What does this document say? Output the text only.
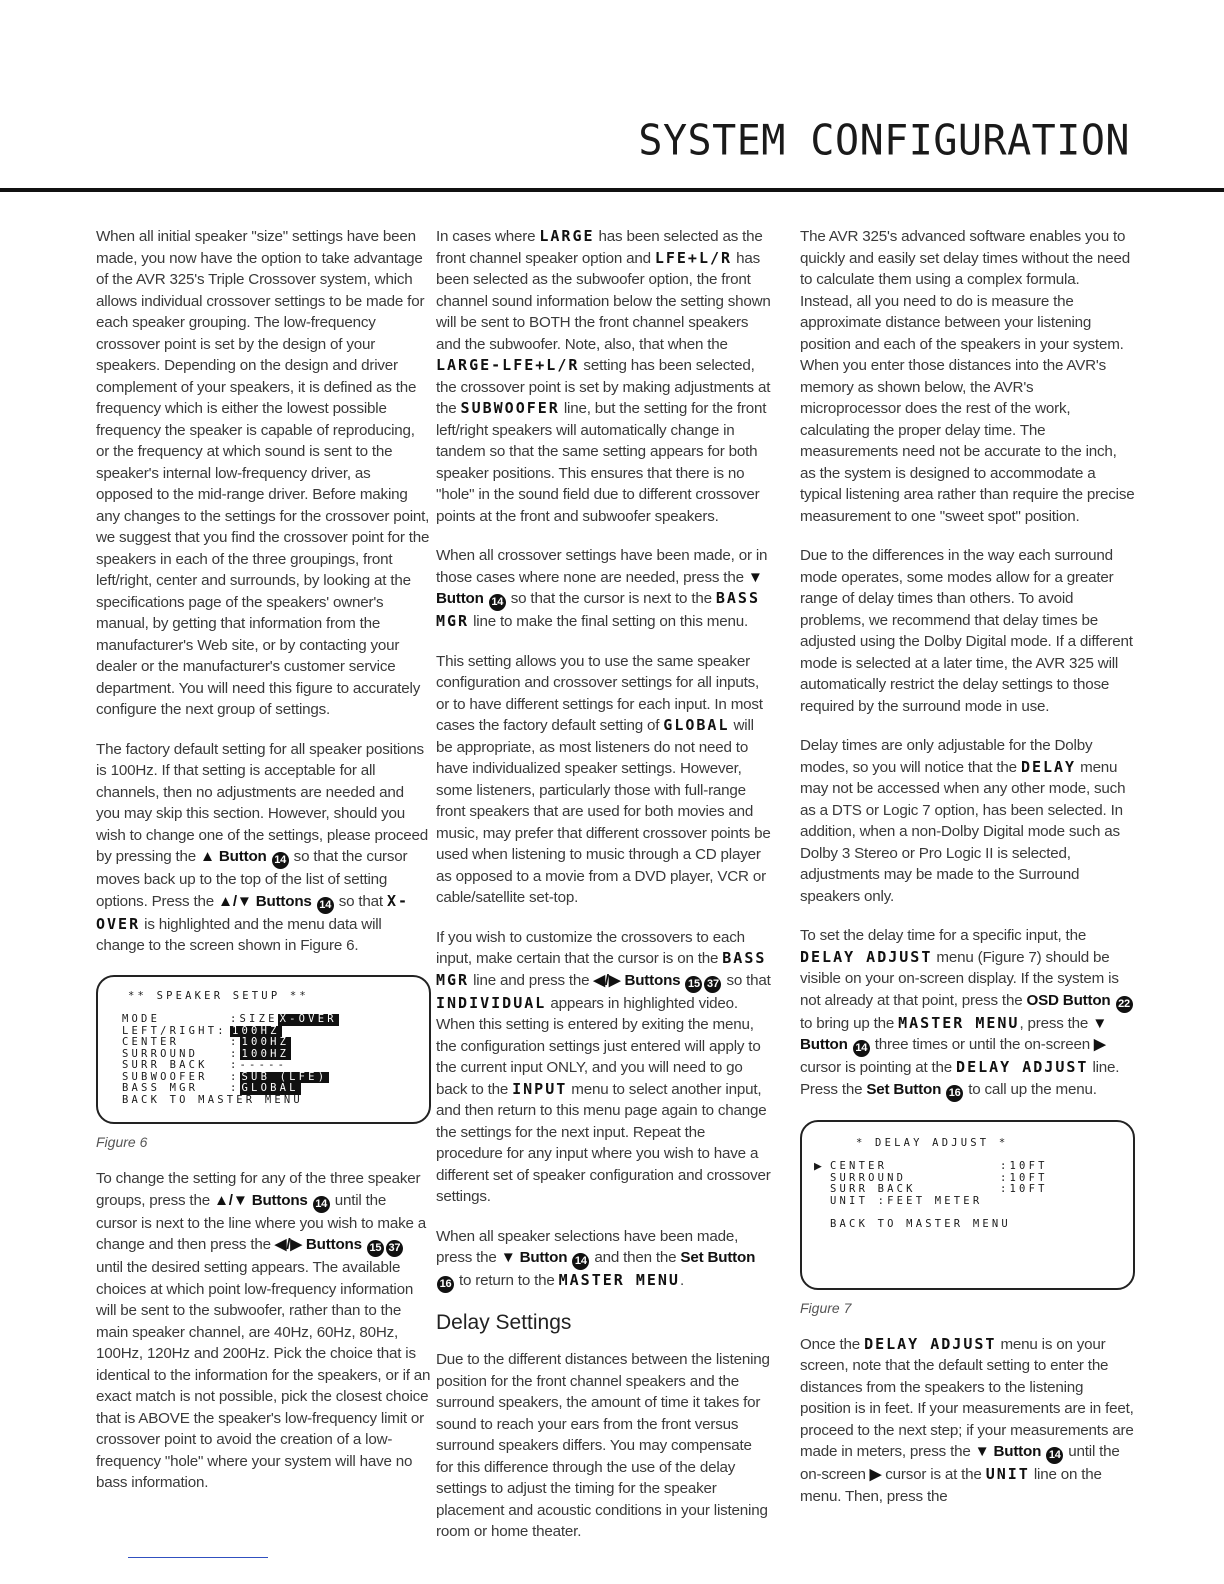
SYSTEM CONFIGURATION

When all initial speaker "size" settings have been made, you now have the option to take advantage of the AVR 325's Triple Crossover system, which allows individual crossover settings to be made for each speaker grouping. The low-frequency crossover point is set by the design of your speakers. Depending on the design and driver complement of your speakers, it is defined as the frequency which is either the lowest possible frequency the speaker is capable of reproducing, or the frequency at which sound is sent to the speaker's internal low-frequency driver, as opposed to the mid-range driver. Before making any changes to the settings for the crossover point, we suggest that you find the crossover point for the speakers in each of the three groupings, front left/right, center and surrounds, by looking at the specifications page of the speakers' owner's manual, by getting that information from the manufacturer's Web site, or by contacting your dealer or the manufacturer's customer service department. You will need this figure to accurately configure the next group of settings.

The factory default setting for all speaker positions is 100Hz. If that setting is acceptable for all channels, then no adjustments are needed and you may skip this section. However, should you wish to change one of the settings, please proceed by pressing the ▲ Button 14 so that the cursor moves back up to the top of the list of setting options. Press the ▲/▼ Buttons 14 so that X-OVER is highlighted and the menu data will change to the screen shown in Figure 6.

** SPEAKER SETUP **
MODE	:SIZE X-OVER
LEFT/RIGHT: 100HZ
CENTER	: 100HZ
SURROUND	: 100HZ
SURR BACK	:-----
SUBWOOFER	: SUB (LFE)
BASS MGR	: GLOBAL
BACK TO MASTER MENU
Figure 6

To change the setting for any of the three speaker groups, press the ▲/▼ Buttons 14 until the cursor is next to the line where you wish to make a change and then press the ◀/▶ Buttons 15 37 until the desired setting appears. The available choices at which point low-frequency information will be sent to the subwoofer, rather than to the main speaker channel, are 40Hz, 60Hz, 80Hz, 100Hz, 120Hz and 200Hz. Pick the choice that is identical to the information for the speakers, or if an exact match is not possible, pick the closest choice that is ABOVE the speaker's low-frequency limit or crossover point to avoid the creation of a low-frequency "hole" where your system will have no bass information.

In cases where LARGE has been selected as the front channel speaker option and LFE+L/R has been selected as the subwoofer option, the front channel sound information below the setting shown will be sent to BOTH the front channel speakers and the subwoofer. Note, also, that when the LARGE-LFE+L/R setting has been selected, the crossover point is set by making adjustments at the SUBWOOFER line, but the setting for the front left/right speakers will automatically change in tandem so that the same setting appears for both speaker positions. This ensures that there is no "hole" in the sound field due to different crossover points at the front and subwoofer speakers.

When all crossover settings have been made, or in those cases where none are needed, press the ▼ Button 14 so that the cursor is next to the BASS MGR line to make the final setting on this menu.

This setting allows you to use the same speaker configuration and crossover settings for all inputs, or to have different settings for each input. In most cases the factory default setting of GLOBAL will be appropriate, as most listeners do not need to have individualized speaker settings. However, some listeners, particularly those with full-range front speakers that are used for both movies and music, may prefer that different crossover points be used when listening to music through a CD player as opposed to a movie from a DVD player, VCR or cable/satellite set-top.

If you wish to customize the crossovers to each input, make certain that the cursor is on the BASS MGR line and press the ◀/▶ Buttons 15 37 so that INDIVIDUAL appears in highlighted video. When this setting is entered by exiting the menu, the configuration settings just entered will apply to the current input ONLY, and you will need to go back to the INPUT menu to select another input, and then return to this menu page again to change the settings for the next input. Repeat the procedure for any input where you wish to have a different set of speaker configuration and crossover settings.

When all speaker selections have been made, press the ▼ Button 14 and then the Set Button 16 to return to the MASTER MENU.

Delay Settings

Due to the different distances between the listening position for the front channel speakers and the surround speakers, the amount of time it takes for sound to reach your ears from the front versus surround speakers differs. You may compensate for this difference through the use of the delay settings to adjust the timing for the speaker placement and acoustic conditions in your listening room or home theater.

The AVR 325's advanced software enables you to quickly and easily set delay times without the need to calculate them using a complex formula. Instead, all you need to do is measure the approximate distance between your listening position and each of the speakers in your system. When you enter those distances into the AVR's memory as shown below, the AVR's microprocessor does the rest of the work, calculating the proper delay time. The measurements need not be accurate to the inch, as the system is designed to accommodate a typical listening area rather than require the precise measurement to one "sweet spot" position.

Due to the differences in the way each surround mode operates, some modes allow for a greater range of delay times than others. To avoid problems, we recommend that delay times be adjusted using the Dolby Digital mode. If a different mode is selected at a later time, the AVR 325 will automatically restrict the delay settings to those required by the surround mode in use.

Delay times are only adjustable for the Dolby modes, so you will notice that the DELAY menu may not be accessed when any other mode, such as a DTS or Logic 7 option, has been selected. In addition, when a non-Dolby Digital mode such as Dolby 3 Stereo or Pro Logic II is selected, adjustments may be made to the Surround speakers only.

To set the delay time for a specific input, the DELAY ADJUST menu (Figure 7) should be visible on your on-screen display. If the system is not already at that point, press the OSD Button 22 to bring up the MASTER MENU, press the ▼ Button 14 three times or until the on-screen ▶ cursor is pointing at the DELAY ADJUST line. Press the Set Button 16 to call up the menu.

* DELAY ADJUST *
▶ CENTER	:10FT
SURROUND	:10FT
SURR BACK	:10FT
UNIT :FEET METER
BACK TO MASTER MENU
Figure 7

Once the DELAY ADJUST menu is on your screen, note that the default setting to enter the distances from the speakers to the listening position is in feet. If your measurements are in feet, proceed to the next step; if your measurements are made in meters, press the ▼ Button 14 until the on-screen ▶ cursor is at the UNIT line on the menu. Then, press the
